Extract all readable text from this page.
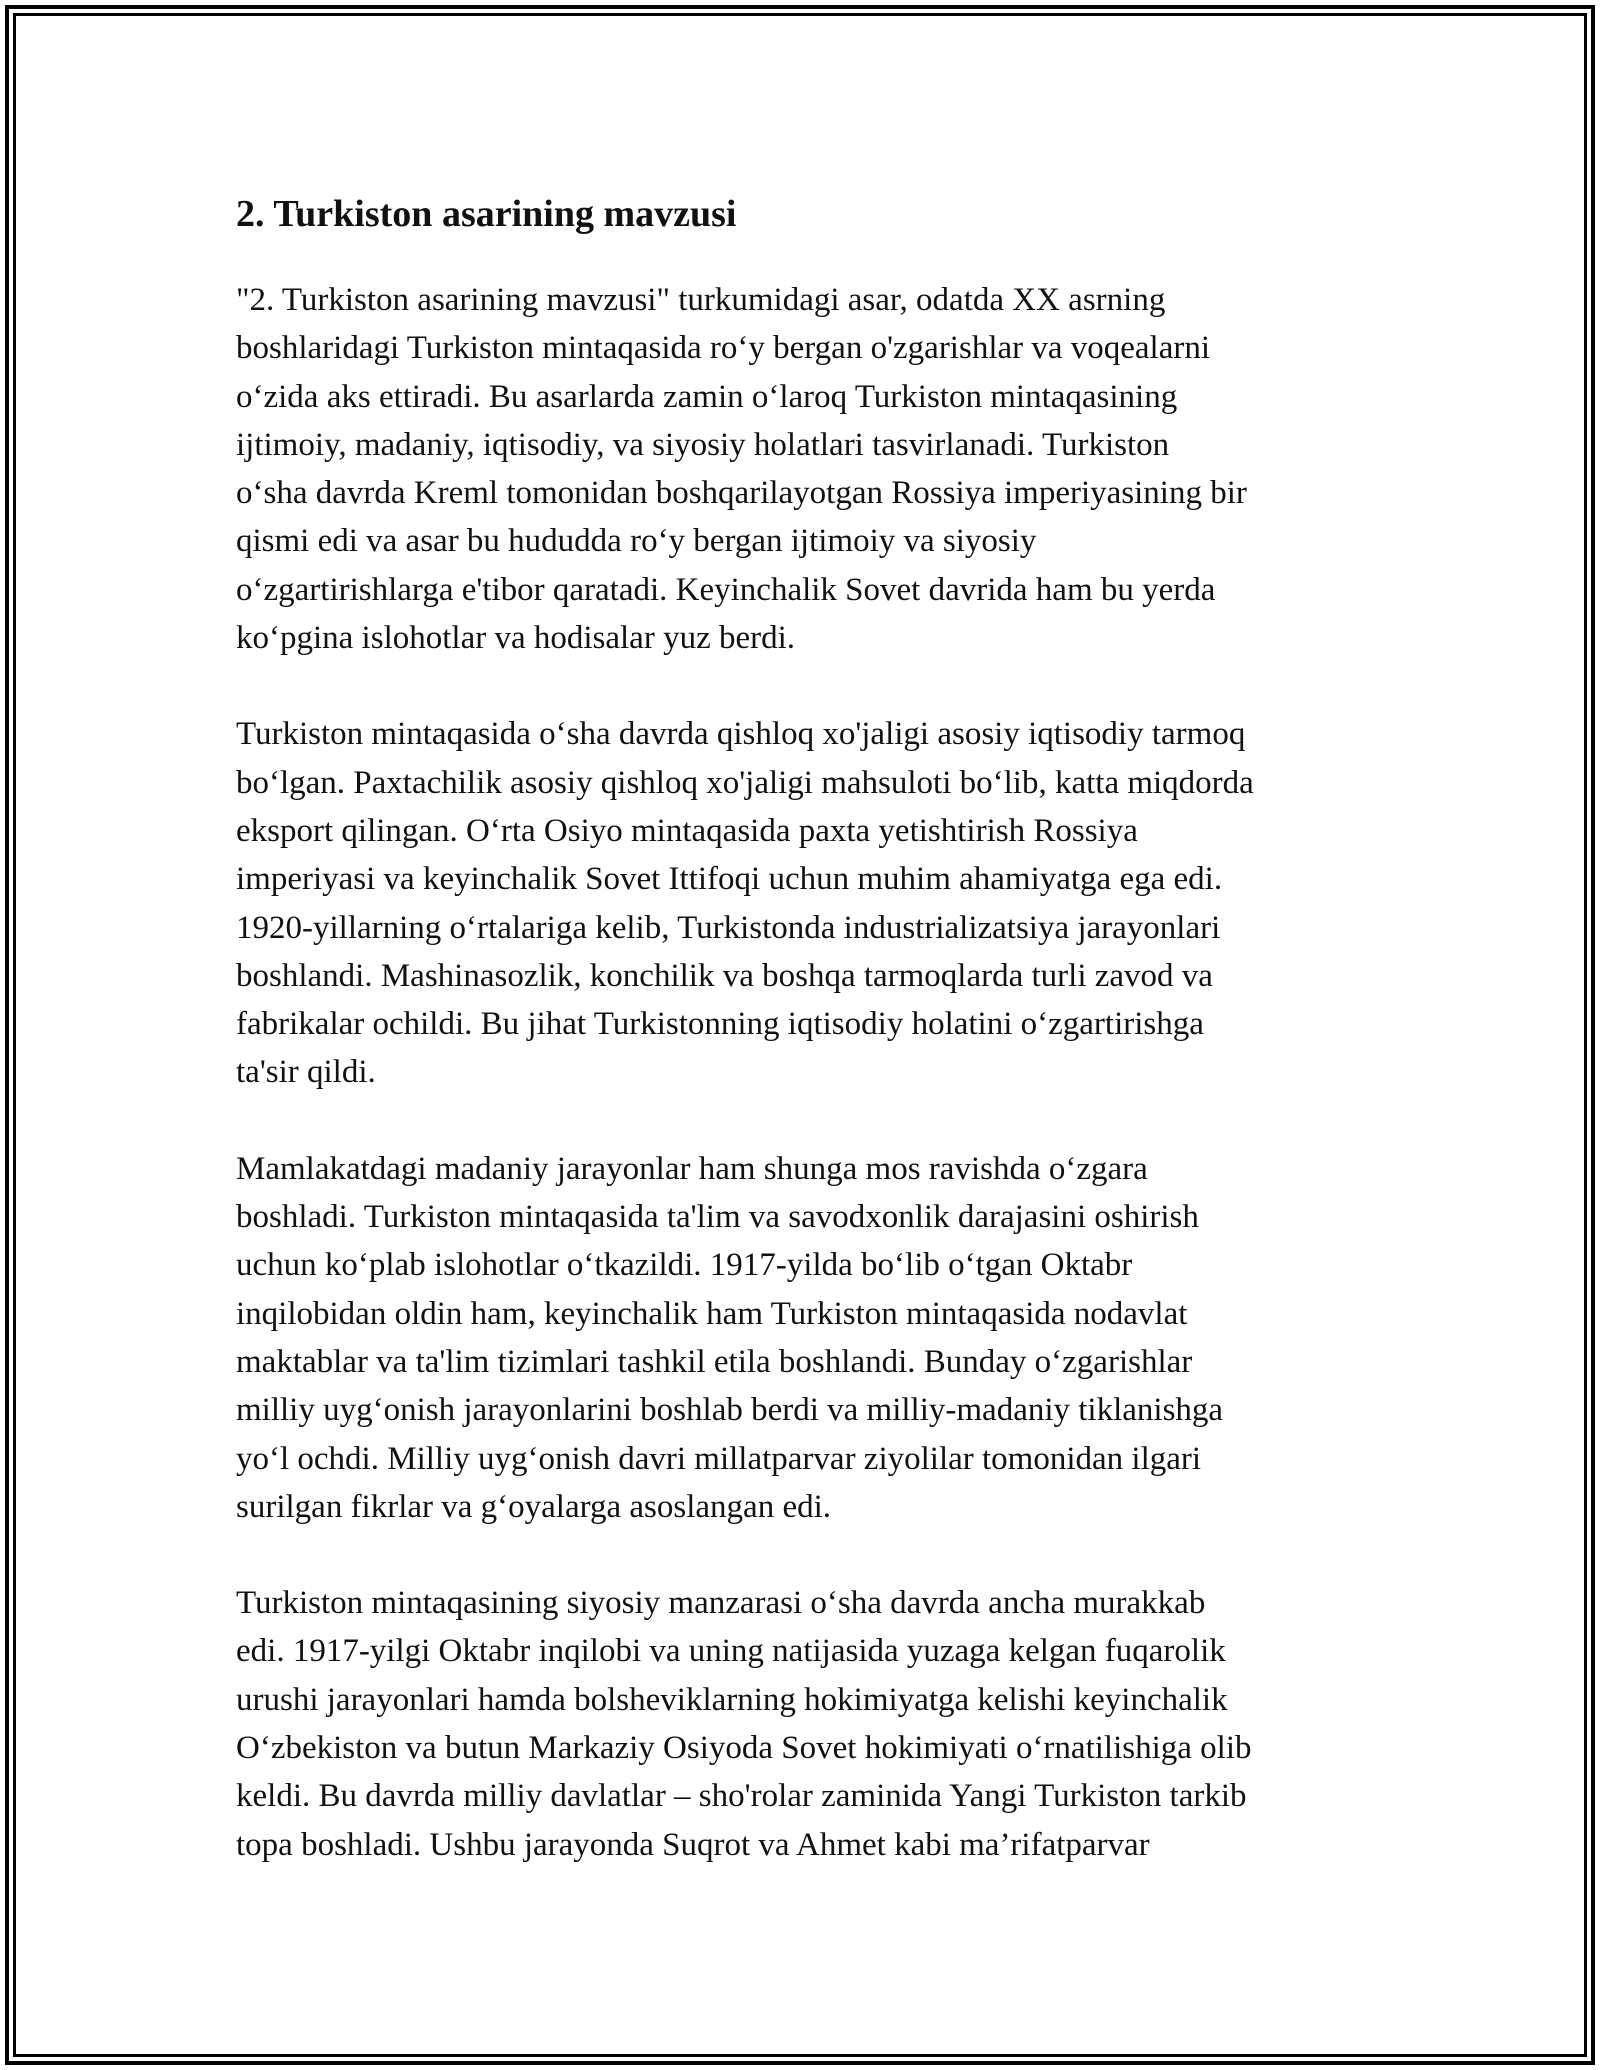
2. Turkiston asarining mavzusi

"2. Turkiston asarining mavzusi" turkumidagi asar, odatda XX asrning
boshlaridagi Turkiston mintaqasida ro‘y bergan o'zgarishlar va voqealarni
o‘zida aks ettiradi. Bu asarlarda zamin o‘laroq Turkiston mintaqasining
ijtimoiy, madaniy, iqtisodiy, va siyosiy holatlari tasvirlanadi. Turkiston
o‘sha davrda Kreml tomonidan boshqarilayotgan Rossiya imperiyasining bir
qismi edi va asar bu hududda ro‘y bergan ijtimoiy va siyosiy
o‘zgartirishlarga e'tibor qaratadi. Keyinchalik Sovet davrida ham bu yerda
ko‘pgina islohotlar va hodisalar yuz berdi.

Turkiston mintaqasida o‘sha davrda qishloq xo'jaligi asosiy iqtisodiy tarmoq
bo‘lgan. Paxtachilik asosiy qishloq xo'jaligi mahsuloti bo‘lib, katta miqdorda
eksport qilingan. O‘rta Osiyo mintaqasida paxta yetishtirish Rossiya
imperiyasi va keyinchalik Sovet Ittifoqi uchun muhim ahamiyatga ega edi.
1920-yillarning o‘rtalariga kelib, Turkistonda industrializatsiya jarayonlari
boshlandi. Mashinasozlik, konchilik va boshqa tarmoqlarda turli zavod va
fabrikalar ochildi. Bu jihat Turkistonning iqtisodiy holatini o‘zgartirishga
ta'sir qildi.

Mamlakatdagi madaniy jarayonlar ham shunga mos ravishda o‘zgara
boshladi. Turkiston mintaqasida ta'lim va savodxonlik darajasini oshirish
uchun ko‘plab islohotlar o‘tkazildi. 1917-yilda bo‘lib o‘tgan Oktabr
inqilobidan oldin ham, keyinchalik ham Turkiston mintaqasida nodavlat
maktablar va ta'lim tizimlari tashkil etila boshlandi. Bunday o‘zgarishlar
milliy uyg‘onish jarayonlarini boshlab berdi va milliy-madaniy tiklanishga
yo‘l ochdi. Milliy uyg‘onish davri millatparvar ziyolilar tomonidan ilgari
surilgan fikrlar va g‘oyalarga asoslangan edi.

Turkiston mintaqasining siyosiy manzarasi o‘sha davrda ancha murakkab
edi. 1917-yilgi Oktabr inqilobi va uning natijasida yuzaga kelgan fuqarolik
urushi jarayonlari hamda bolsheviklarning hokimiyatga kelishi keyinchalik
O‘zbekiston va butun Markaziy Osiyoda Sovet hokimiyati o‘rnatilishiga olib
keldi. Bu davrda milliy davlatlar – sho'rolar zaminida Yangi Turkiston tarkib
topa boshladi. Ushbu jarayonda Suqrot va Ahmet kabi ma’rifatparvar
